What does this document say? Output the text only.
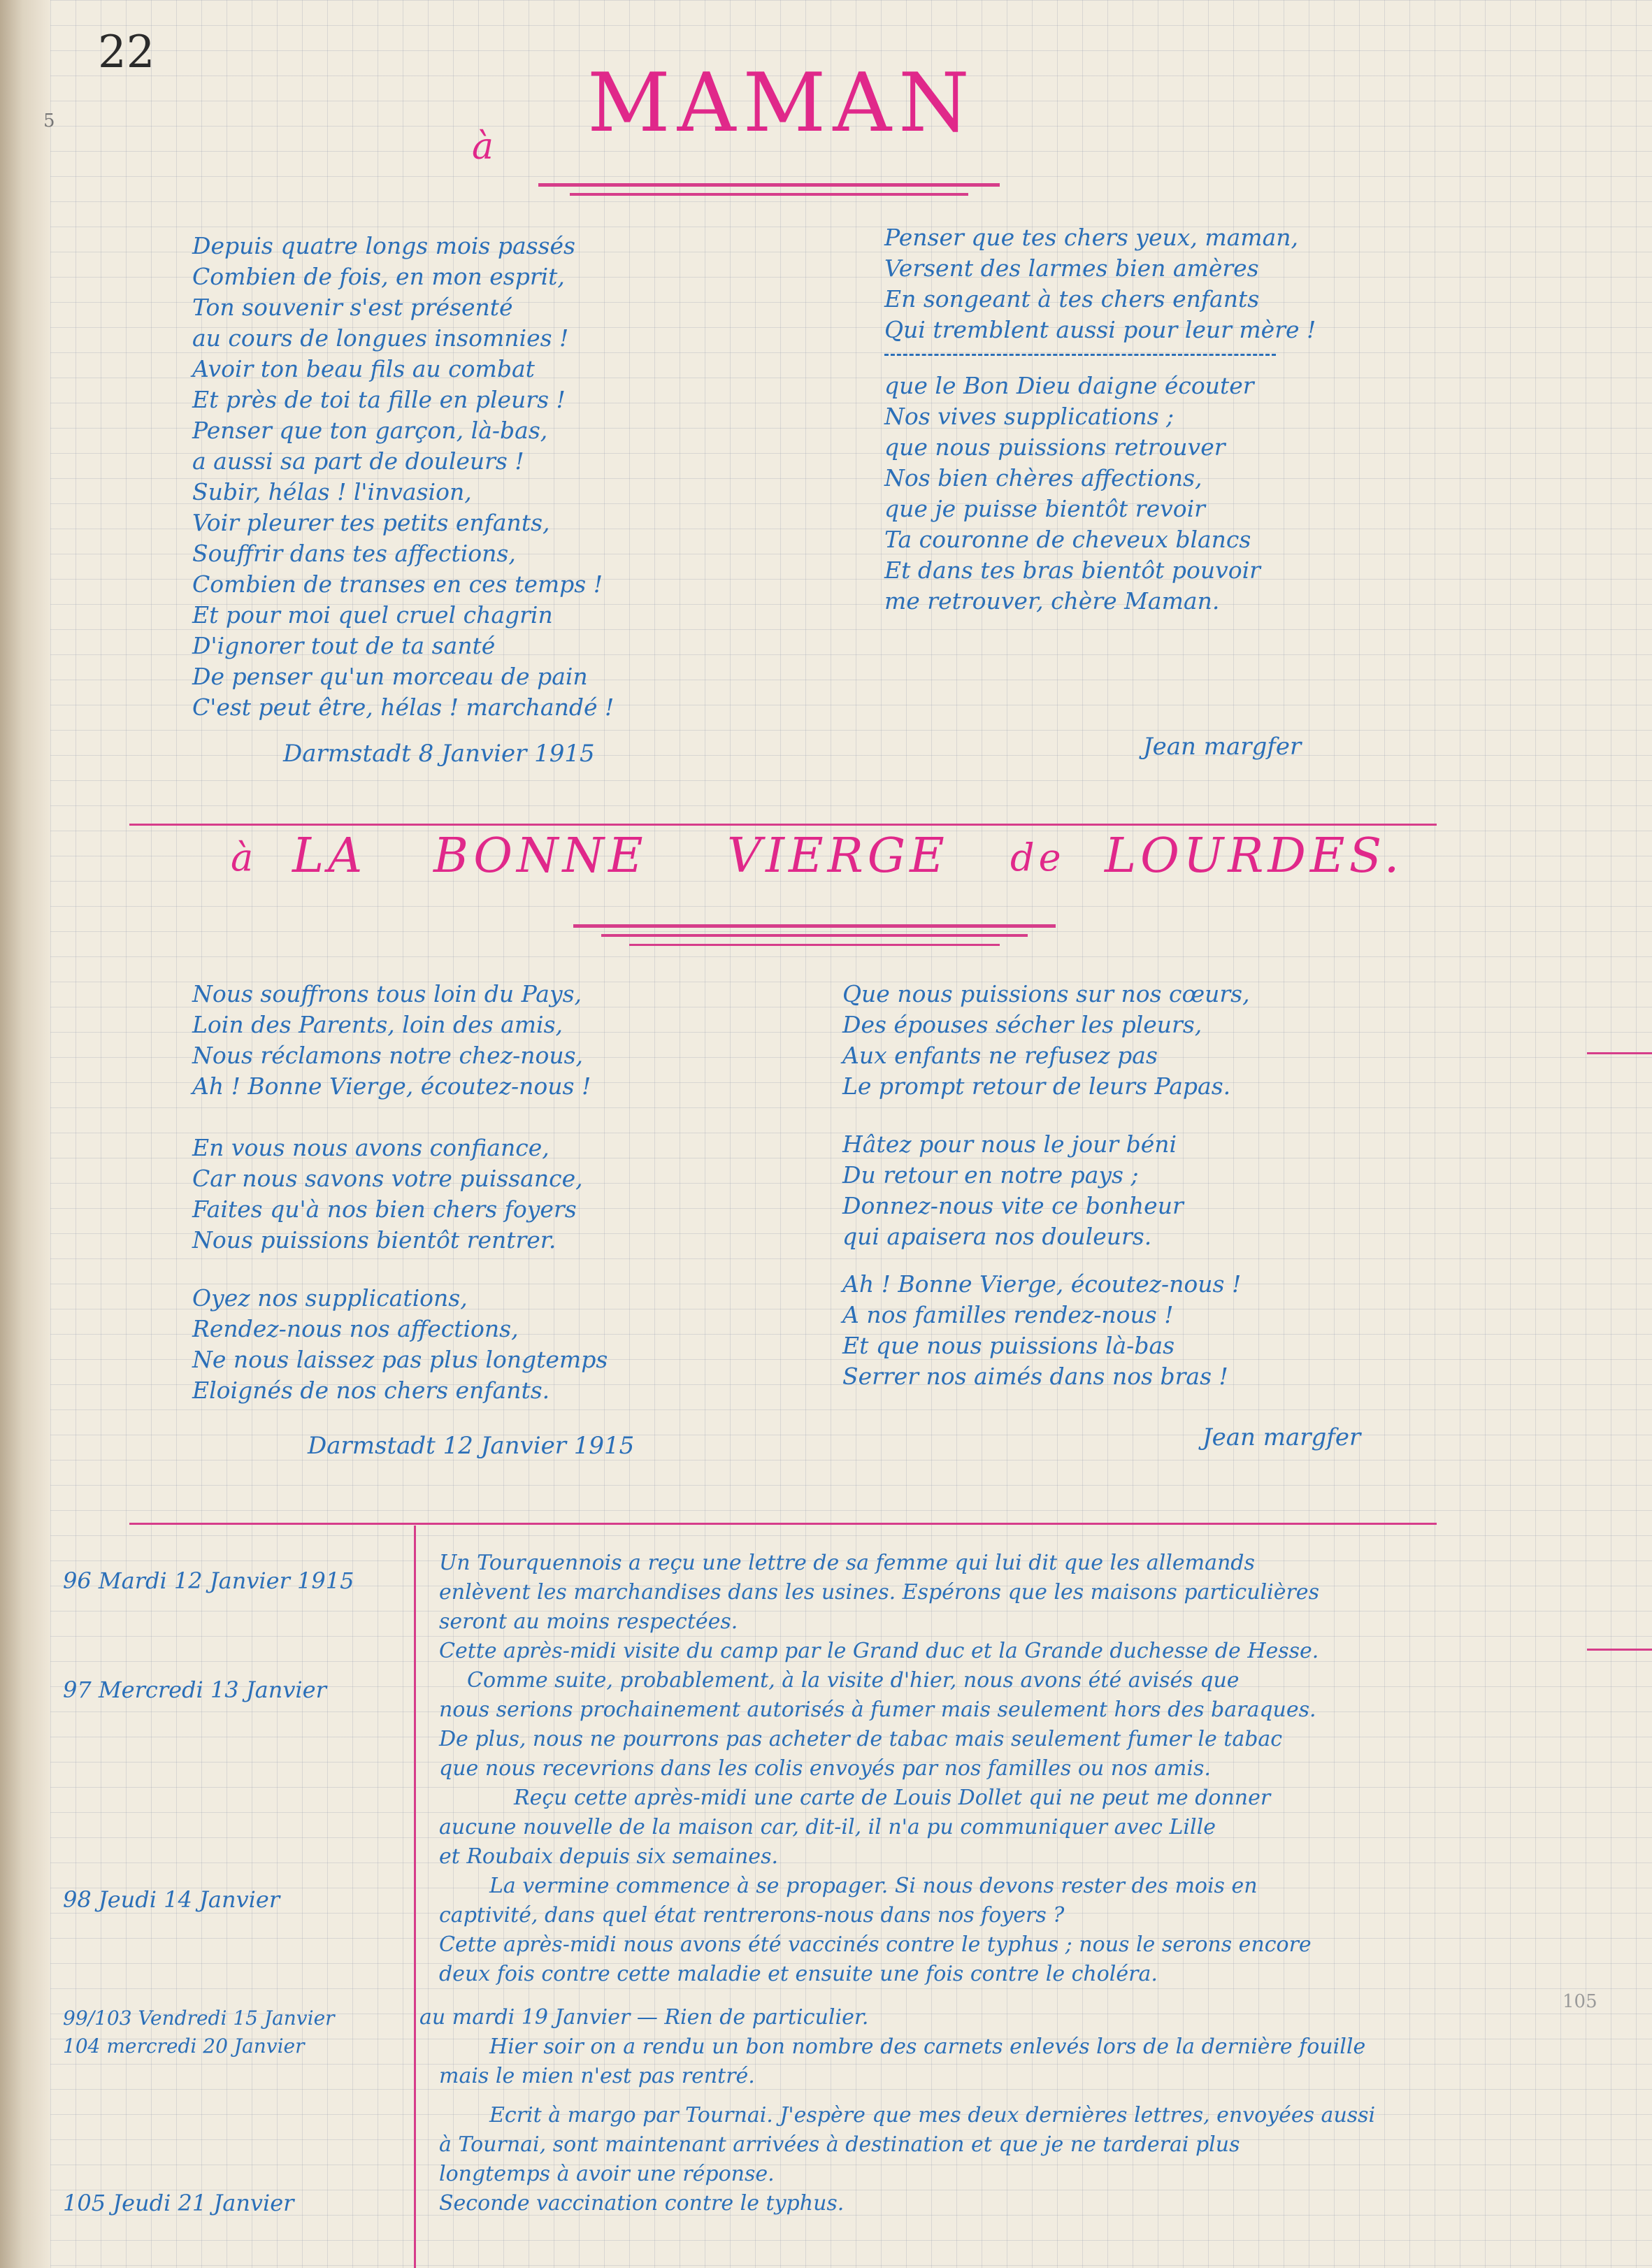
22
5
à MAMAN
Depuis quatre longs mois passés
Combien de fois, en mon esprit,
Ton souvenir s'est présenté
au cours de longues insomnies !
Avoir ton beau fils au combat
Et près de toi ta fille en pleurs !
Penser que ton garçon, là-bas,
a aussi sa part de douleurs !
Subir, hélas ! l'invasion,
Voir pleurer tes petits enfants,
Souffrir dans tes affections,
Combien de transes en ces temps !
Et pour moi quel cruel chagrin
D'ignorer tout de ta santé
De penser qu'un morceau de pain
C'est peut être, hélas ! marchandé !
Penser que tes chers yeux, maman,
Versent des larmes bien amères
En songeant à tes chers enfants
Qui tremblent aussi pour leur mère !
que le Bon Dieu daigne écouter
Nos vives supplications ;
que nous puissions retrouver
Nos bien chères affections,
que je puisse bientôt revoir
Ta couronne de cheveux blancs
Et dans tes bras bientôt pouvoir
me retrouver, chère Maman.
Darmstadt 8 Janvier 1915	Jean margfer
à LA BONNE VIERGE de LOURDES.
Nous souffrons tous loin du Pays,
Loin des Parents, loin des amis,
Nous réclamons notre chez-nous,
Ah ! Bonne Vierge, écoutez-nous !
En vous nous avons confiance,
Car nous savons votre puissance,
Faites qu'à nos bien chers foyers
Nous puissions bientôt rentrer.
Oyez nos supplications,
Rendez-nous nos affections,
Ne nous laissez pas plus longtemps
Eloignés de nos chers enfants.
Que nous puissions sur nos cœurs,
Des épouses sécher les pleurs,
Aux enfants ne refusez pas
Le prompt retour de leurs Papas.
Hâtez pour nous le jour béni
Du retour en notre pays ;
Donnez-nous vite ce bonheur
qui apaisera nos douleurs.
Ah ! Bonne Vierge, écoutez-nous !
A nos familles rendez-nous !
Et que nous puissions là-bas
Serrer nos aimés dans nos bras !
Darmstadt 12 Janvier 1915	Jean margfer
96 Mardi 12 Janvier 1915
97 Mercredi 13 Janvier
98 Jeudi 14 Janvier
99/103 Vendredi 15 Janvier
104 mercredi 20 Janvier
105 Jeudi 21 Janvier
Un Tourquennois a reçu une lettre de sa femme qui lui dit que les allemands
enlèvent les marchandises dans les usines. Espérons que les maisons particulières
seront au moins respectées.
Cette après-midi visite du camp par le Grand duc et la Grande duchesse de Hesse.
Comme suite, probablement, à la visite d'hier, nous avons été avisés que
nous serions prochainement autorisés à fumer mais seulement hors des baraques.
De plus, nous ne pourrons pas acheter de tabac mais seulement fumer le tabac
que nous recevrions dans les colis envoyés par nos familles ou nos amis.
Reçu cette après-midi une carte de Louis Dollet qui ne peut me donner
aucune nouvelle de la maison car, dit-il, il n'a pu communiquer avec Lille
et Roubaix depuis six semaines.
La vermine commence à se propager. Si nous devons rester des mois en
captivité, dans quel état rentrerons-nous dans nos foyers ?
Cette après-midi nous avons été vaccinés contre le typhus ; nous le serons encore
deux fois contre cette maladie et ensuite une fois contre le choléra.
au mardi 19 Janvier — Rien de particulier.
Hier soir on a rendu un bon nombre des carnets enlevés lors de la dernière fouille
mais le mien n'est pas rentré.
Ecrit à margo par Tournai. J'espère que mes deux dernières lettres, envoyées aussi
à Tournai, sont maintenant arrivées à destination et que je ne tarderai plus
longtemps à avoir une réponse.
Seconde vaccination contre le typhus.
105
